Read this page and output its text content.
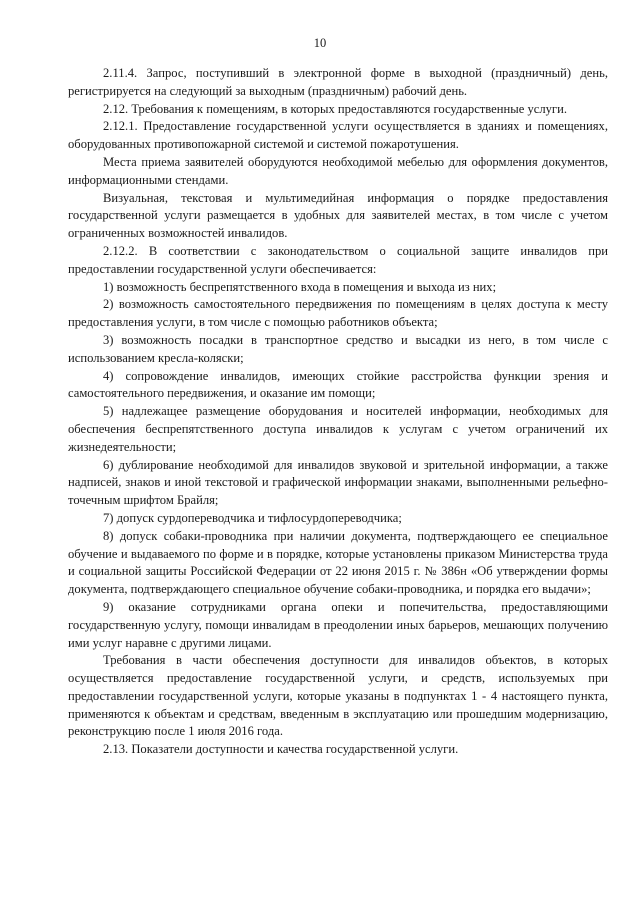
10

2.11.4. Запрос, поступивший в электронной форме в выходной (праздничный) день, регистрируется на следующий за выходным (праздничным) рабочий день.

2.12. Требования к помещениям, в которых предоставляются государственные услуги.

2.12.1. Предоставление государственной услуги осуществляется в зданиях и помещениях, оборудованных противопожарной системой и системой пожаротушения.

Места приема заявителей оборудуются необходимой мебелью для оформления документов, информационными стендами.

Визуальная, текстовая и мультимедийная информация о порядке предоставления государственной услуги размещается в удобных для заявителей местах, в том числе с учетом ограниченных возможностей инвалидов.

2.12.2. В соответствии с законодательством о социальной защите инвалидов при предоставлении государственной услуги обеспечивается:

1) возможность беспрепятственного входа в помещения и выхода из них;

2) возможность самостоятельного передвижения по помещениям в целях доступа к месту предоставления услуги, в том числе с помощью работников объекта;

3) возможность посадки в транспортное средство и высадки из него, в том числе с использованием кресла-коляски;

4) сопровождение инвалидов, имеющих стойкие расстройства функции зрения и самостоятельного передвижения, и оказание им помощи;

5) надлежащее размещение оборудования и носителей информации, необходимых для обеспечения беспрепятственного доступа инвалидов к услугам с учетом ограничений их жизнедеятельности;

6) дублирование необходимой для инвалидов звуковой и зрительной информации, а также надписей, знаков и иной текстовой и графической информации знаками, выполненными рельефно-точечным шрифтом Брайля;

7) допуск сурдопереводчика и тифлосурдопереводчика;

8) допуск собаки-проводника при наличии документа, подтверждающего ее специальное обучение и выдаваемого по форме и в порядке, которые установлены приказом Министерства труда и социальной защиты Российской Федерации от 22 июня 2015 г. № 386н «Об утверждении формы документа, подтверждающего специальное обучение собаки-проводника, и порядка его выдачи»;

9) оказание сотрудниками органа опеки и попечительства, предоставляющими государственную услугу, помощи инвалидам в преодолении иных барьеров, мешающих получению ими услуг наравне с другими лицами.

Требования в части обеспечения доступности для инвалидов объектов, в которых осуществляется предоставление государственной услуги, и средств, используемых при предоставлении государственной услуги, которые указаны в подпунктах 1 - 4 настоящего пункта, применяются к объектам и средствам, введенным в эксплуатацию или прошедшим модернизацию, реконструкцию после 1 июля 2016 года.

2.13. Показатели доступности и качества государственной услуги.
